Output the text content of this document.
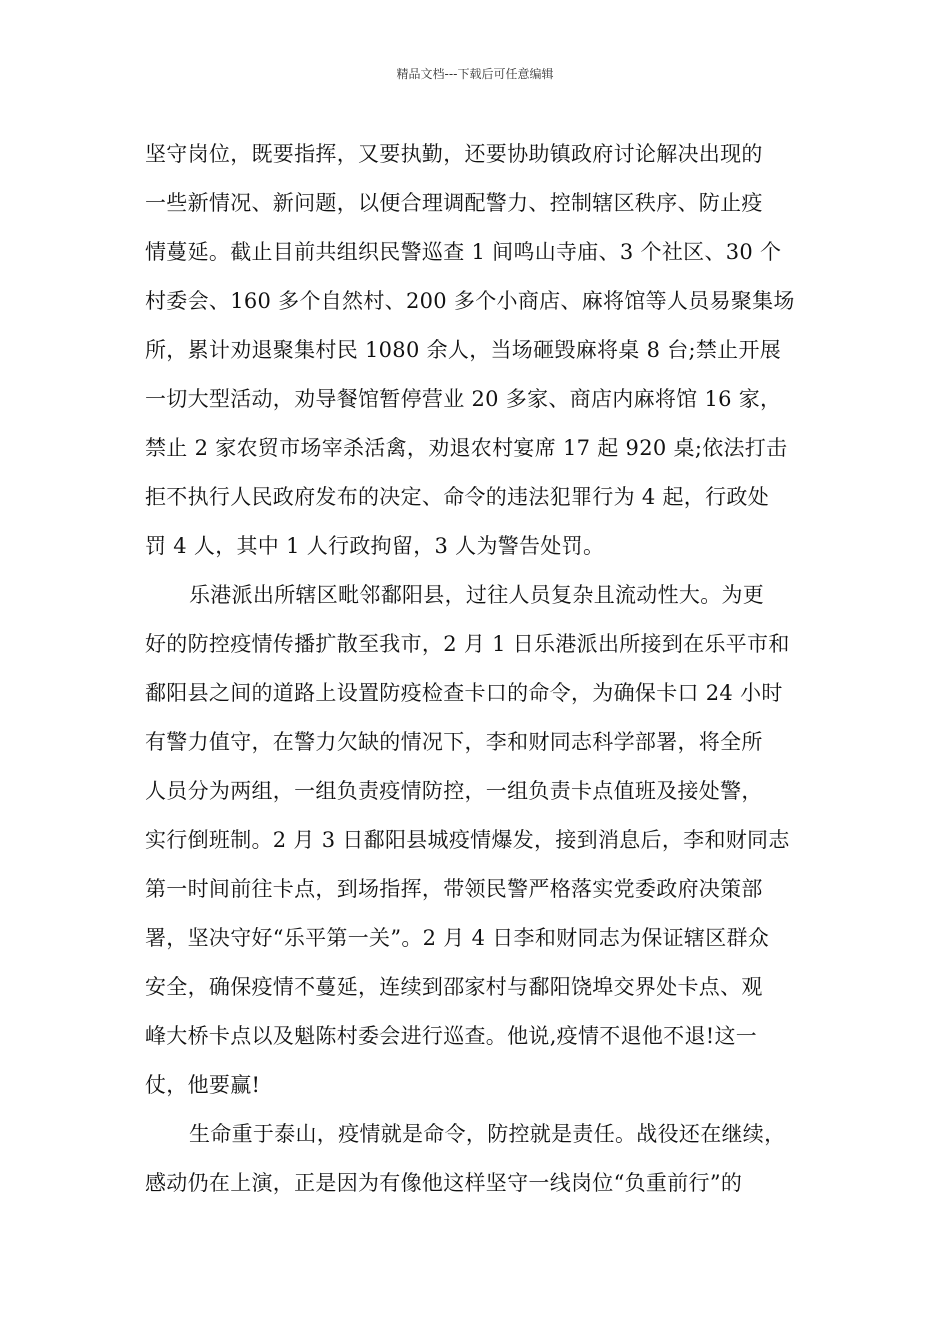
精品文档---下载后可任意编辑
坚守岗位，既要指挥，又要执勤，还要协助镇政府讨论解决出现的
一些新情况、新问题，以便合理调配警力、控制辖区秩序、防止疫
情蔓延。截止目前共组织民警巡查 1 间鸣山寺庙、3 个社区、30 个
村委会、160 多个自然村、200 多个小商店、麻将馆等人员易聚集场
所，累计劝退聚集村民 1080 余人，当场砸毁麻将桌 8 台;禁止开展
一切大型活动，劝导餐馆暂停营业 20 多家、商店内麻将馆 16 家，
禁止 2 家农贸市场宰杀活禽，劝退农村宴席 17 起 920 桌;依法打击
拒不执行人民政府发布的决定、命令的违法犯罪行为 4 起，行政处
罚 4 人，其中 1 人行政拘留，3 人为警告处罚。
乐港派出所辖区毗邻鄱阳县，过往人员复杂且流动性大。为更
好的防控疫情传播扩散至我市，2 月 1 日乐港派出所接到在乐平市和
鄱阳县之间的道路上设置防疫检查卡口的命令，为确保卡口 24 小时
有警力值守，在警力欠缺的情况下，李和财同志科学部署，将全所
人员分为两组，一组负责疫情防控，一组负责卡点值班及接处警，
实行倒班制。2 月 3 日鄱阳县城疫情爆发，接到消息后，李和财同志
第一时间前往卡点，到场指挥，带领民警严格落实党委政府决策部
署，坚决守好“乐平第一关”。2 月 4 日李和财同志为保证辖区群众
安全，确保疫情不蔓延，连续到邵家村与鄱阳饶埠交界处卡点、观
峰大桥卡点以及魁陈村委会进行巡查。他说,疫情不退他不退!这一
仗，他要赢!
生命重于泰山，疫情就是命令，防控就是责任。战役还在继续，
感动仍在上演，正是因为有像他这样坚守一线岗位“负重前行”的
